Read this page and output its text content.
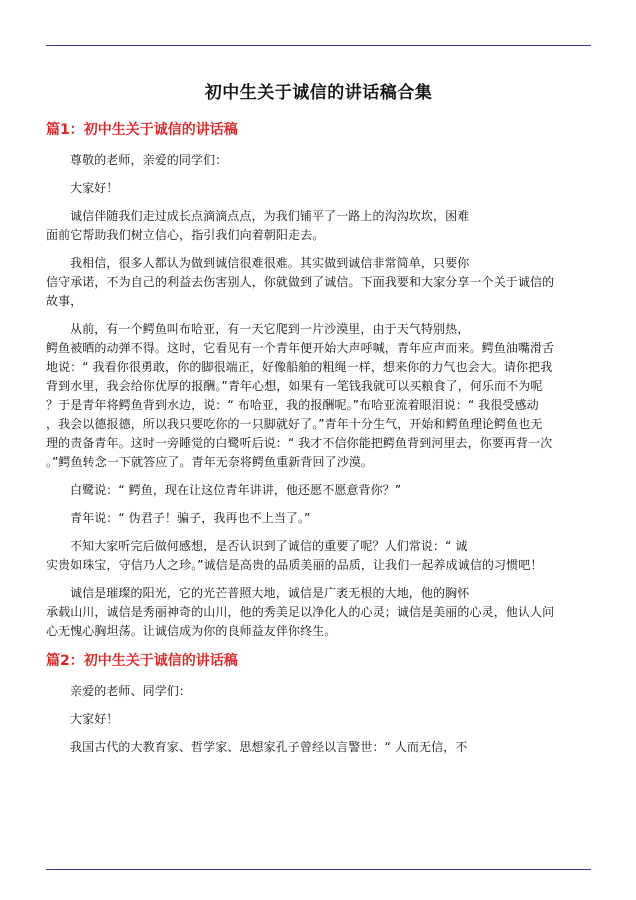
初中生关于诚信的讲话稿合集
篇1：初中生关于诚信的讲话稿
尊敬的老师，亲爱的同学们：
大家好！
诚信伴随我们走过成长点滴滴点点，为我们铺平了一路上的沟沟坎坎，困难
面前它帮助我们树立信心，指引我们向着朝阳走去。
我相信，很多人都认为做到诚信很难很难。其实做到诚信非常简单，只要你
信守承诺，不为自己的利益去伤害别人，你就做到了诚信。下面我要和大家分享一个关于诚信的
故事，
从前，有一个鳄鱼叫布哈亚，有一天它爬到一片沙漠里，由于天气特别热，
鳄鱼被晒的动弹不得。这时，它看见有一个青年便开始大声呼喊，青年应声而来。鳄鱼油嘴滑舌
地说：“ 我看你很勇敢，你的脚很端正，好像船舶的粗绳一样，想来你的力气也会大。请你把我
背到水里，我会给你优厚的报酬。”青年心想，如果有一笔钱我就可以买粮食了，何乐而不为呢
？于是青年将鳄鱼背到水边，说：“ 布哈亚，我的报酬呢。”布哈亚流着眼泪说：“ 我很受感动
，我会以德报德，所以我只要吃你的一只脚就好了。”青年十分生气，开始和鳄鱼理论鳄鱼也无
理的责备青年。这时一旁睡觉的白鹭听后说：“ 我才不信你能把鳄鱼背到河里去，你要再背一次
。”鳄鱼转念一下就答应了。青年无奈将鳄鱼重新背回了沙漠。
白鹭说：“ 鳄鱼，现在让这位青年讲讲，他还愿不愿意背你？”
青年说：“ 伪君子！骗子，我再也不上当了。”
不知大家听完后做何感想，是否认识到了诚信的重要了呢？人们常说：“ 诚
实贵如珠宝，守信乃人之珍。”诚信是高贵的品质美丽的品质，让我们一起养成诚信的习惯吧！
诚信是璀璨的阳光，它的光芒普照大地，诚信是广袤无根的大地，他的胸怀
承载山川，诚信是秀丽神奇的山川，他的秀美足以净化人的心灵；诚信是美丽的心灵，他认人问
心无愧心胸坦荡。让诚信成为你的良师益友伴你终生。
篇2：初中生关于诚信的讲话稿
亲爱的老师、同学们：
大家好！
我国古代的大教育家、哲学家、思想家孔子曾经以言警世：“ 人而无信，不
